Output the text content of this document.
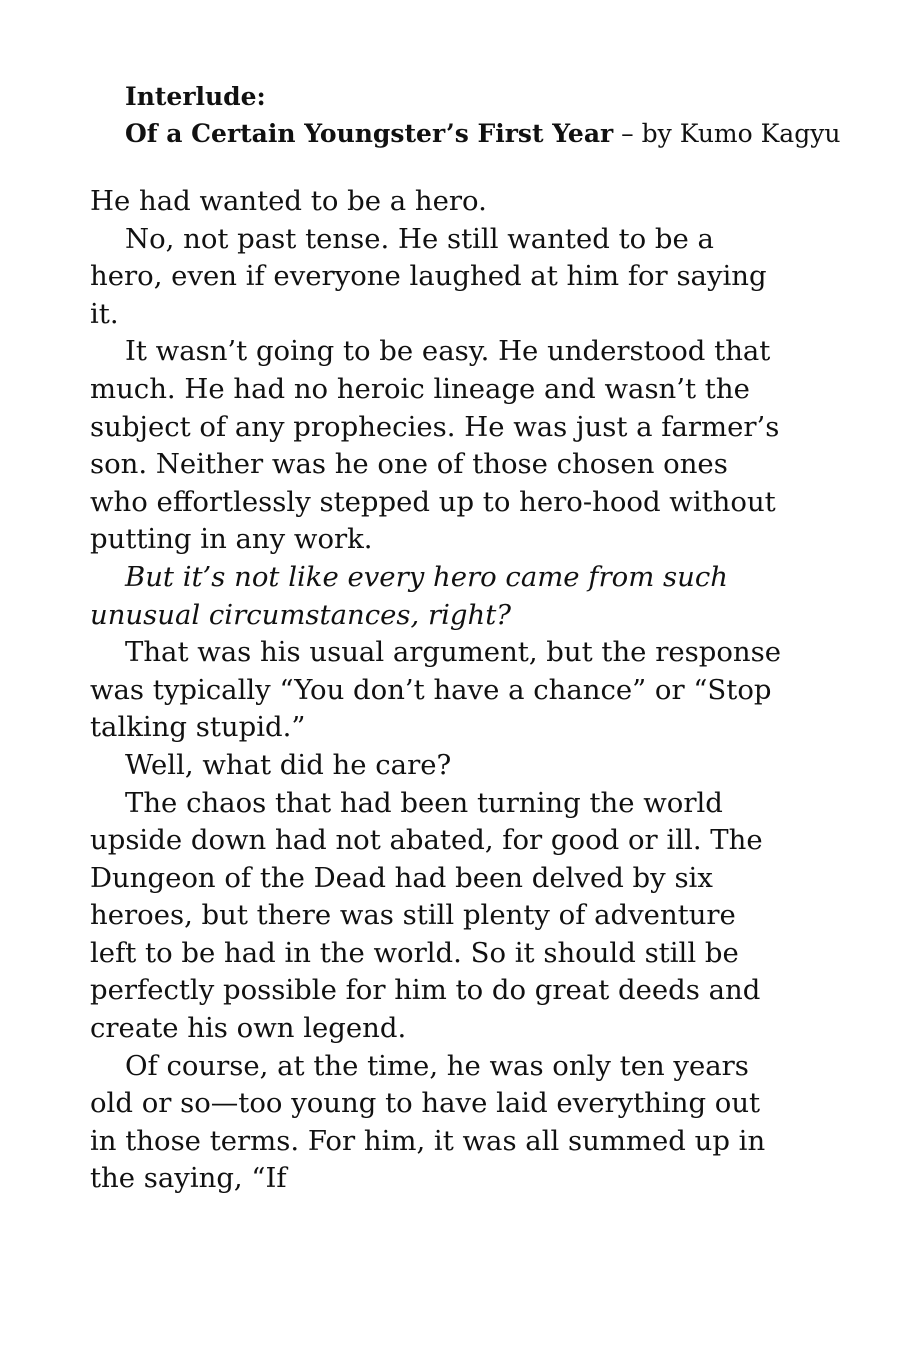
Interlude:
Of a Certain Youngster’s First Year – by Kumo Kagyu

He had wanted to be a hero.

No, not past tense. He still wanted to be a hero, even if everyone laughed at him for saying it.

It wasn’t going to be easy. He understood that much. He had no heroic lineage and wasn’t the subject of any prophecies. He was just a farmer’s son. Neither was he one of those chosen ones who effortlessly stepped up to hero-hood without putting in any work.

But it’s not like every hero came from such unusual circumstances, right?

That was his usual argument, but the response was typically “You don’t have a chance” or “Stop talking stupid.”

Well, what did he care?

The chaos that had been turning the world upside down had not abated, for good or ill. The Dungeon of the Dead had been delved by six heroes, but there was still plenty of adventure left to be had in the world. So it should still be perfectly possible for him to do great deeds and create his own legend.

Of course, at the time, he was only ten years old or so—too young to have laid everything out in those terms. For him, it was all summed up in the saying, “If
